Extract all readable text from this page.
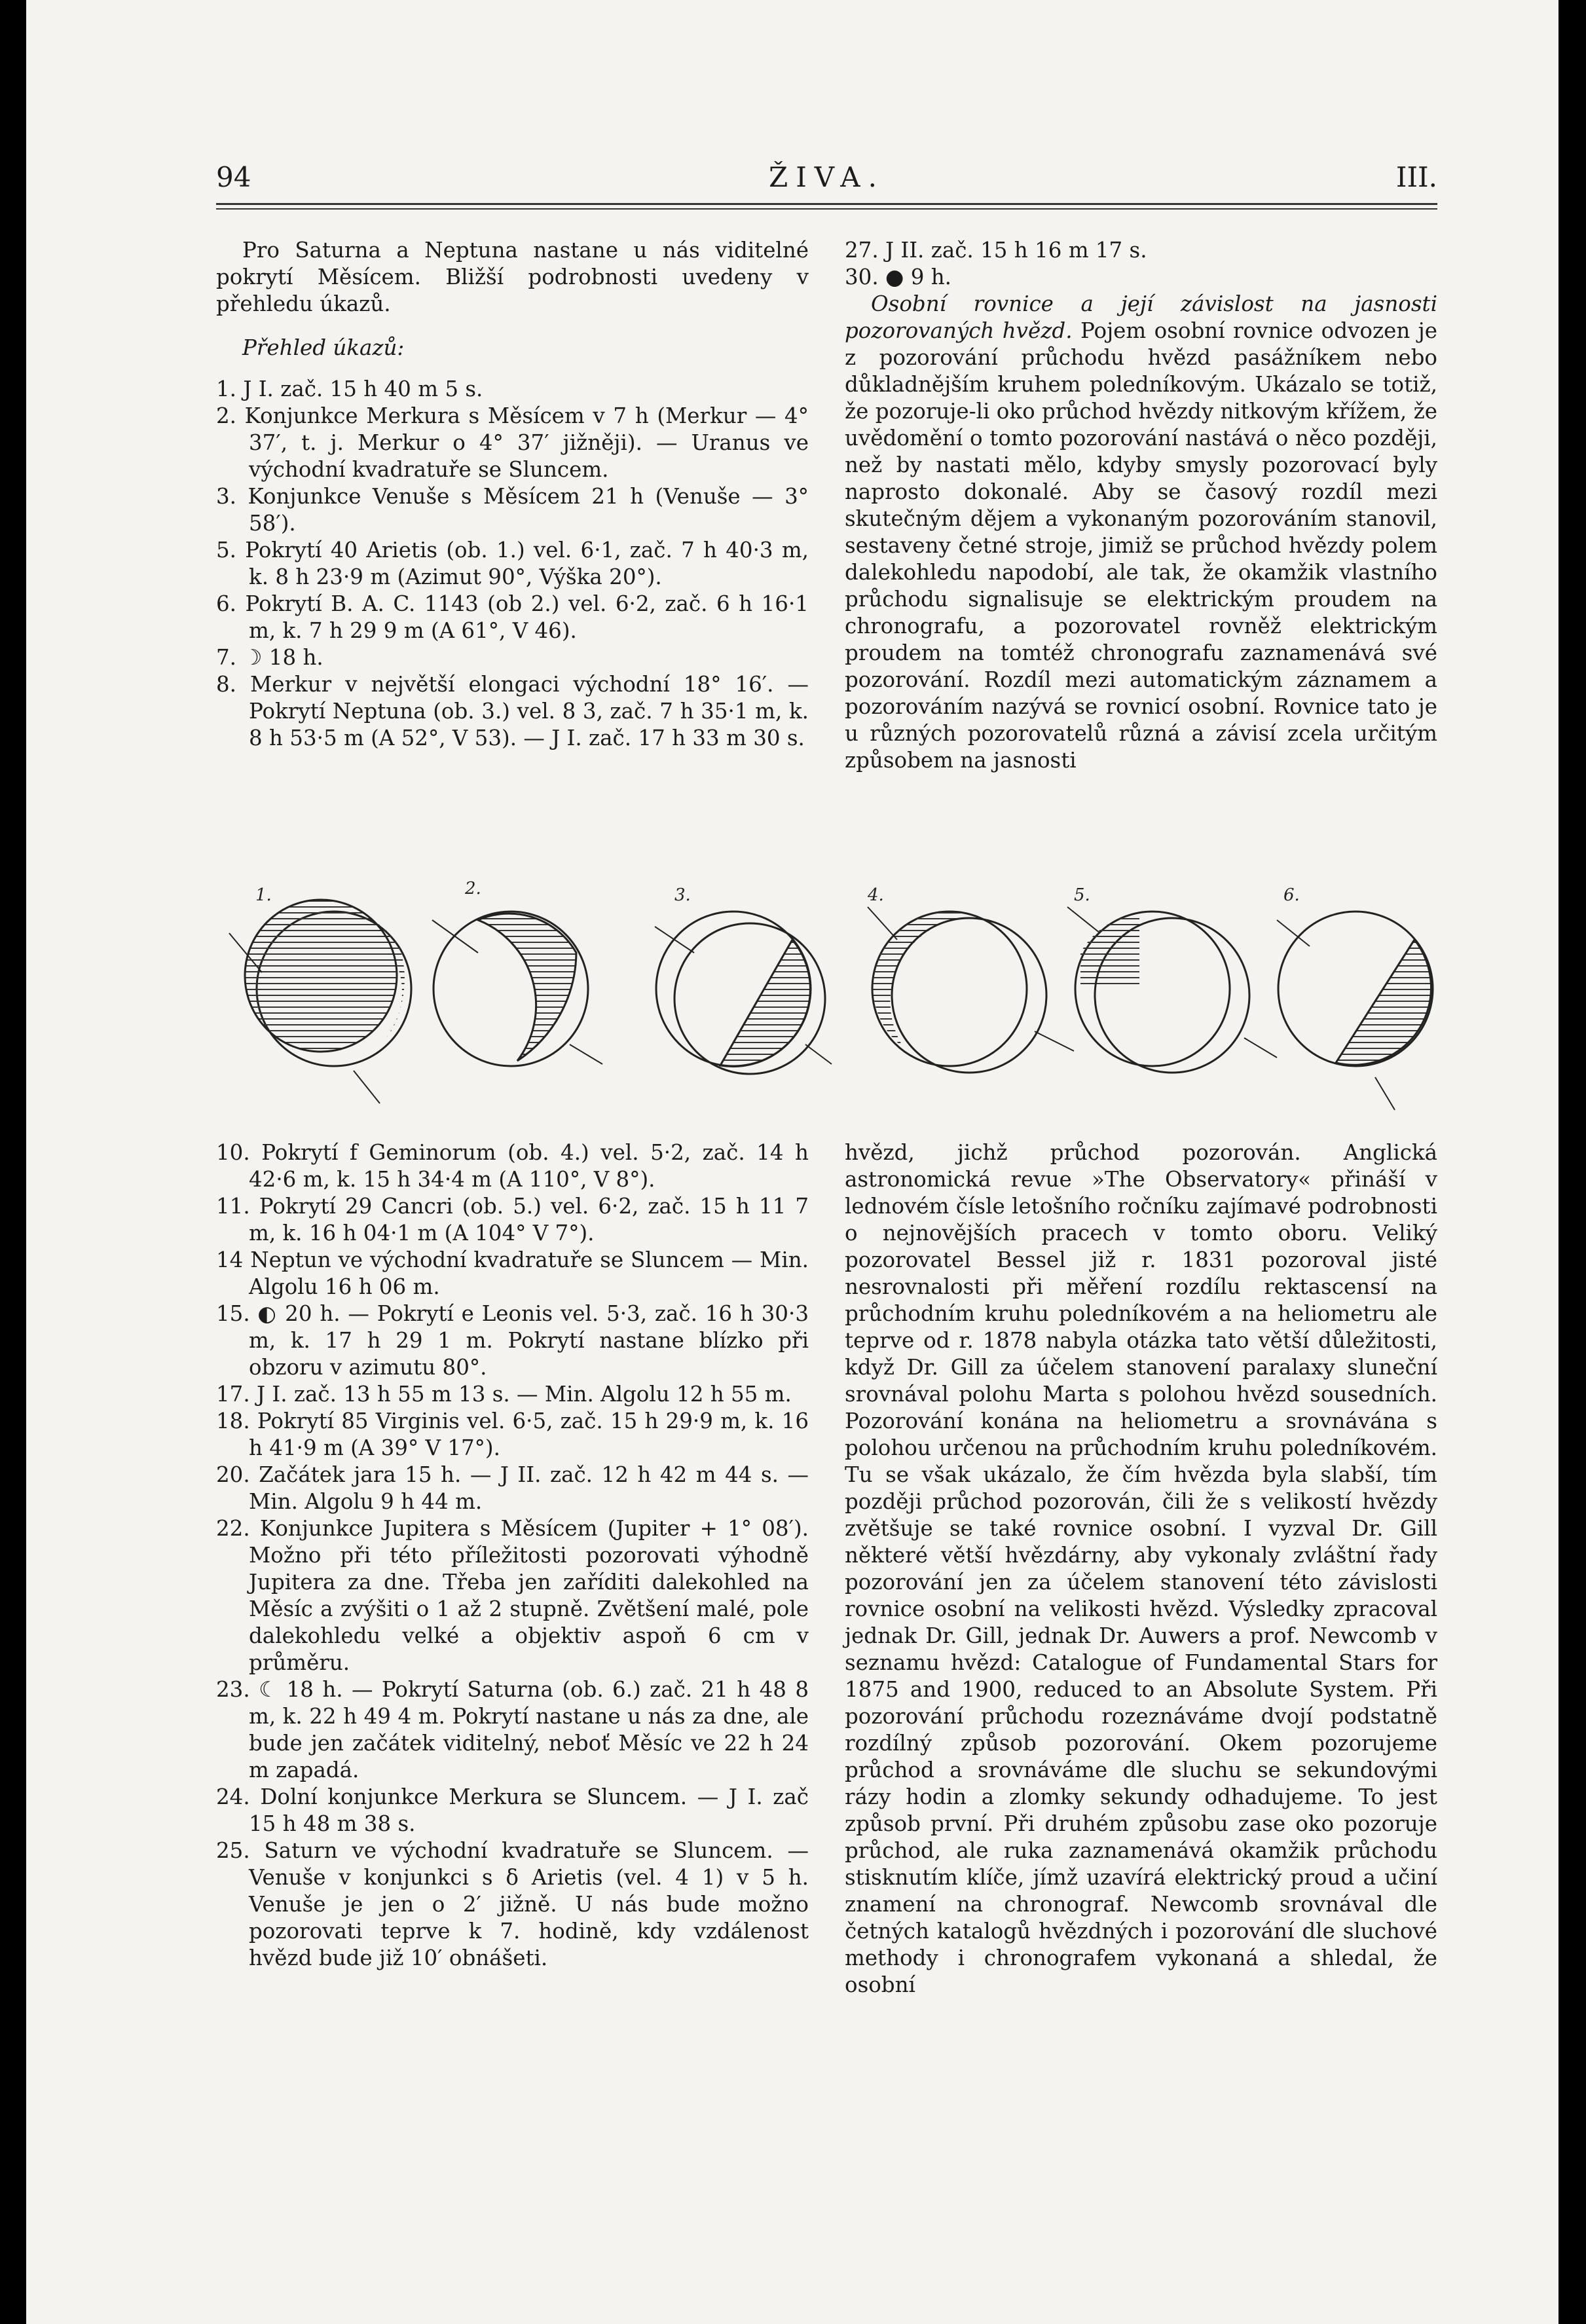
94	ŽIVA.	III.

Pro Saturna a Neptuna nastane u nás viditelné pokrytí Měsícem. Bližší podrobnosti uvedeny v přehledu úkazů.

Přehled úkazů:

1. J I. zač. 15 h 40 m 5 s.

2. Konjunkce Merkura s Měsícem v 7 h (Merkur — 4° 37′, t. j. Merkur o 4° 37′ jižněji). — Uranus ve východní kvadratuře se Sluncem.

3. Konjunkce Venuše s Měsícem 21 h (Venuše — 3° 58′).

5. Pokrytí 40 Arietis (ob. 1.) vel. 6·1, zač. 7 h 40·3 m, k. 8 h 23·9 m (Azimut 90°, Výška 20°).

6. Pokrytí B. A. C. 1143 (ob 2.) vel. 6·2, zač. 6 h 16·1 m, k. 7 h 29 9 m (A 61°, V 46).

7. ☽ 18 h.

8. Merkur v největší elongaci východní 18° 16′. — Pokrytí Neptuna (ob. 3.) vel. 8 3, zač. 7 h 35·1 m, k. 8 h 53·5 m (A 52°, V 53). — J I. zač. 17 h 33 m 30 s.

27. J II. zač. 15 h 16 m 17 s.

30. ● 9 h.

Osobní rovnice a její závislost na jasnosti pozorovaných hvězd. Pojem osobní rovnice odvozen je z pozorování průchodu hvězd pasážníkem nebo důkladnějším kruhem poledníkovým. Ukázalo se totiž, že pozoruje-li oko průchod hvězdy nitkovým křížem, že uvědomění o tomto pozorování nastává o něco později, než by nastati mělo, kdyby smysly pozorovací byly naprosto dokonalé. Aby se časový rozdíl mezi skutečným dějem a vykonaným pozorováním stanovil, sestaveny četné stroje, jimiž se průchod hvězdy polem dalekohledu napodobí, ale tak, že okamžik vlastního průchodu signalisuje se elektrickým proudem na chronografu, a pozorovatel rovněž elektrickým proudem na tomtéž chronografu zaznamenává své pozorování. Rozdíl mezi automatickým záznamem a pozorováním nazývá se rovnicí osobní. Rovnice tato je u různých pozorovatelů různá a závisí zcela určitým způsobem na jasnosti

1.	2.	3.	4.	5.	6.

10. Pokrytí f Geminorum (ob. 4.) vel. 5·2, zač. 14 h 42·6 m, k. 15 h 34·4 m (A 110°, V 8°).

11. Pokrytí 29 Cancri (ob. 5.) vel. 6·2, zač. 15 h 11 7 m, k. 16 h 04·1 m (A 104° V 7°).

14 Neptun ve východní kvadratuře se Sluncem — Min. Algolu 16 h 06 m.

15. ◐ 20 h. — Pokrytí e Leonis vel. 5·3, zač. 16 h 30·3 m, k. 17 h 29 1 m. Pokrytí nastane blízko při obzoru v azimutu 80°.

17. J I. zač. 13 h 55 m 13 s. — Min. Algolu 12 h 55 m.

18. Pokrytí 85 Virginis vel. 6·5, zač. 15 h 29·9 m, k. 16 h 41·9 m (A 39° V 17°).

20. Začátek jara 15 h. — J II. zač. 12 h 42 m 44 s. — Min. Algolu 9 h 44 m.

22. Konjunkce Jupitera s Měsícem (Jupiter + 1° 08′). Možno při této příležitosti pozorovati výhodně Jupitera za dne. Třeba jen zaříditi dalekohled na Měsíc a zvýšiti o 1 až 2 stupně. Zvětšení malé, pole dalekohledu velké a objektiv aspoň 6 cm v průměru.

23. ☾ 18 h. — Pokrytí Saturna (ob. 6.) zač. 21 h 48 8 m, k. 22 h 49 4 m. Pokrytí nastane u nás za dne, ale bude jen začátek viditelný, neboť Měsíc ve 22 h 24 m zapadá.

24. Dolní konjunkce Merkura se Sluncem. — J I. zač 15 h 48 m 38 s.

25. Saturn ve východní kvadratuře se Sluncem. — Venuše v konjunkci s δ Arietis (vel. 4 1) v 5 h. Venuše je jen o 2′ jižně. U nás bude možno pozorovati teprve k 7. hodině, kdy vzdálenost hvězd bude již 10′ obnášeti.

hvězd, jichž průchod pozorován. Anglická astronomická revue »The Observatory« přináší v lednovém čísle letošního ročníku zajímavé podrobnosti o nejnovějších pracech v tomto oboru. Veliký pozorovatel Bessel již r. 1831 pozoroval jisté nesrovnalosti při měření rozdílu rektascensí na průchodním kruhu poledníkovém a na heliometru ale teprve od r. 1878 nabyla otázka tato větší důležitosti, když Dr. Gill za účelem stanovení paralaxy sluneční srovnával polohu Marta s polohou hvězd sousedních. Pozorování konána na heliometru a srovnávána s polohou určenou na průchodním kruhu poledníkovém. Tu se však ukázalo, že čím hvězda byla slabší, tím později průchod pozorován, čili že s velikostí hvězdy zvětšuje se také rovnice osobní. I vyzval Dr. Gill některé větší hvězdárny, aby vykonaly zvláštní řady pozorování jen za účelem stanovení této závislosti rovnice osobní na velikosti hvězd. Výsledky zpracoval jednak Dr. Gill, jednak Dr. Auwers a prof. Newcomb v seznamu hvězd: Catalogue of Fundamental Stars for 1875 and 1900, reduced to an Absolute System. Při pozorování průchodu rozeznáváme dvojí podstatně rozdílný způsob pozorování. Okem pozorujeme průchod a srovnáváme dle sluchu se sekundovými rázy hodin a zlomky sekundy odhadujeme. To jest způsob první. Při druhém způsobu zase oko pozoruje průchod, ale ruka zaznamenává okamžik průchodu stisknutím klíče, jímž uzavírá elektrický proud a učiní znamení na chronograf. Newcomb srovnával dle četných katalogů hvězdných i pozorování dle sluchové methody i chronografem vykonaná a shledal, že osobní
